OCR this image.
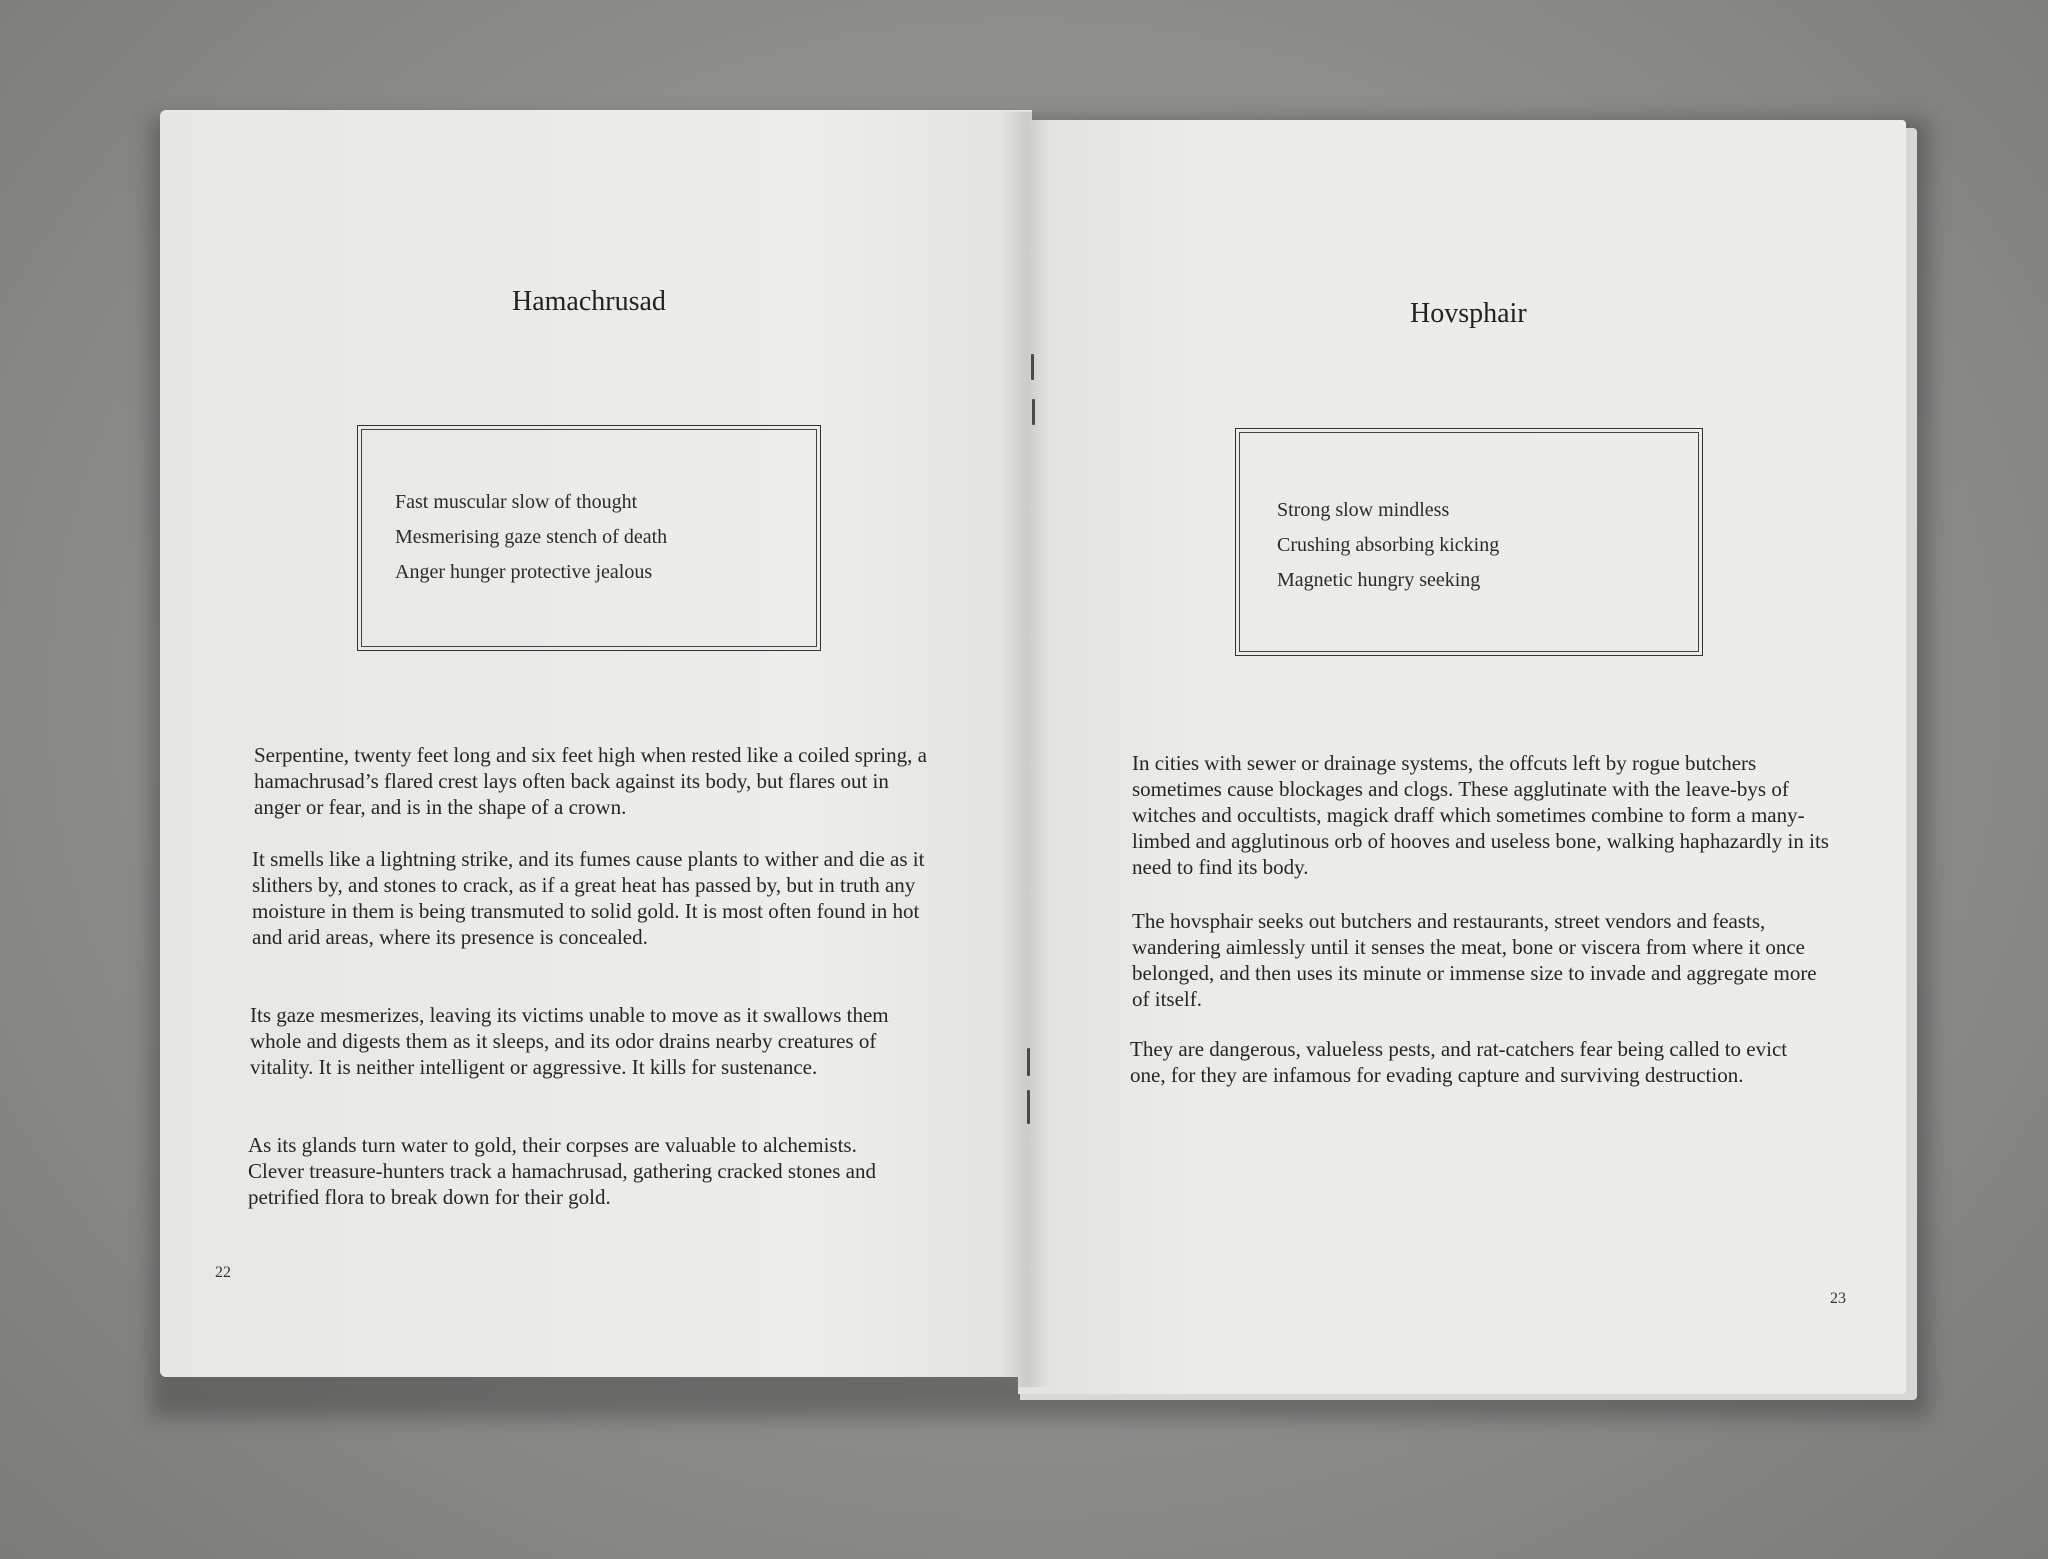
Hamachrusad
Fast muscular slow of thought
Mesmerising gaze stench of death
Anger hunger protective jealous

Serpentine, twenty feet long and six feet high when rested like a coiled spring, a hamachrusad’s flared crest lays often back against its body, but flares out in anger or fear, and is in the shape of a crown.

It smells like a lightning strike, and its fumes cause plants to wither and die as it slithers by, and stones to crack, as if a great heat has passed by, but in truth any moisture in them is being transmuted to solid gold. It is most often found in hot and arid areas, where its presence is concealed.

Its gaze mesmerizes, leaving its victims unable to move as it swallows them whole and digests them as it sleeps, and its odor drains nearby creatures of vitality. It is neither intelligent or aggressive. It kills for sustenance.

As its glands turn water to gold, their corpses are valuable to alchemists. Clever treasure-hunters track a hamachrusad, gathering cracked stones and petrified flora to break down for their gold.

22
Hovsphair
Strong slow mindless
Crushing absorbing kicking
Magnetic hungry seeking

In cities with sewer or drainage systems, the offcuts left by rogue butchers sometimes cause blockages and clogs. These agglutinate with the leave-bys of witches and occultists, magick draff which sometimes combine to form a many-limbed and agglutinous orb of hooves and useless bone, walking haphazardly in its need to find its body.

The hovsphair seeks out butchers and restaurants, street vendors and feasts, wandering aimlessly until it senses the meat, bone or viscera from where it once belonged, and then uses its minute or immense size to invade and aggregate more of itself.

They are dangerous, valueless pests, and rat-catchers fear being called to evict one, for they are infamous for evading capture and surviving destruction.

23
